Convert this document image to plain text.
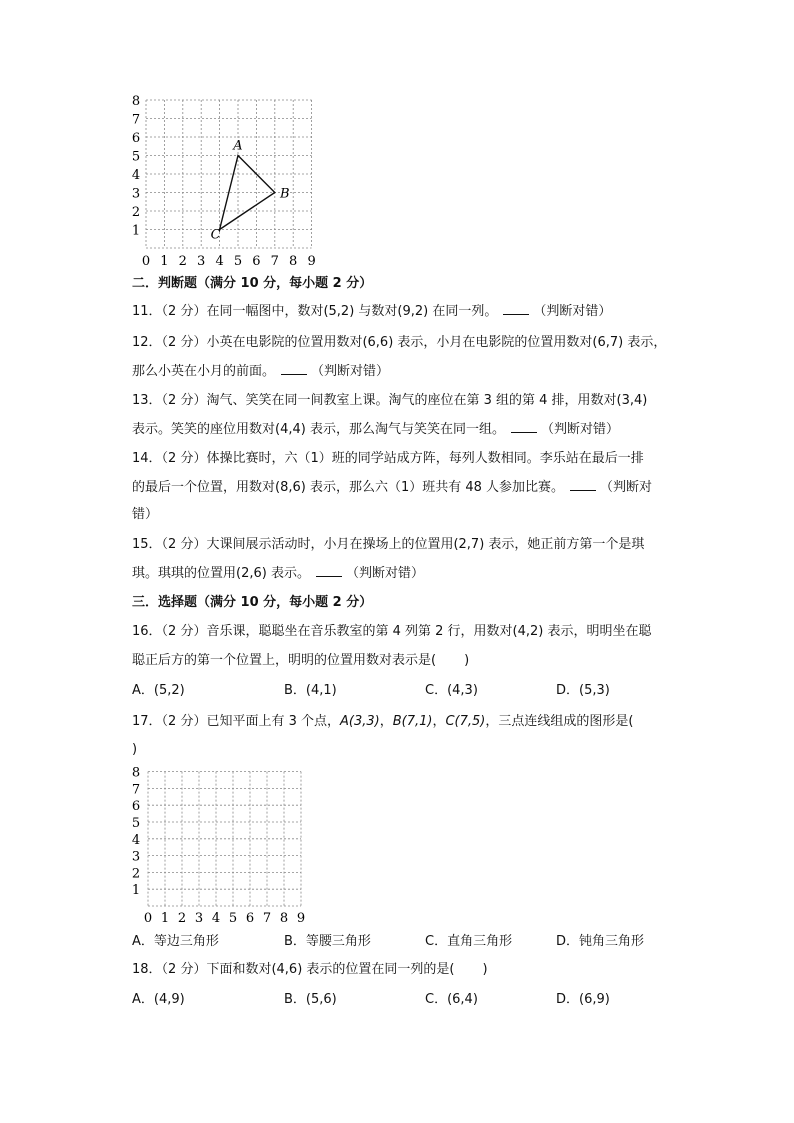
8
7
6
5
4
3
2
1
0 1 2 3 4 5 6 7 8 9
A
B
C
二．判断题（满分 10 分，每小题 2 分）
11．（2 分）在同一幅图中，数对(5,2) 与数对(9,2) 在同一列。	（判断对错）
12．（2 分）小英在电影院的位置用数对(6,6) 表示，小月在电影院的位置用数对(6,7) 表示，
那么小英在小月的前面。	（判断对错）
13．（2 分）淘气、笑笑在同一间教室上课。淘气的座位在第 3 组的第 4 排，用数对(3,4)
表示。笑笑的座位用数对(4,4) 表示，那么淘气与笑笑在同一组。	（判断对错）
14．（2 分）体操比赛时，六（1）班的同学站成方阵，每列人数相同。李乐站在最后一排
的最后一个位置，用数对(8,6) 表示，那么六（1）班共有 48 人参加比赛。	（判断对
错）
15．（2 分）大课间展示活动时，小月在操场上的位置用(2,7) 表示，她正前方第一个是琪
琪。琪琪的位置用(2,6) 表示。	（判断对错）
三．选择题（满分 10 分，每小题 2 分）
16．（2 分）音乐课，聪聪坐在音乐教室的第 4 列第 2 行，用数对(4,2) 表示，明明坐在聪
聪正后方的第一个位置上，明明的位置用数对表示是( )
A．(5,2)	B．(4,1)	C．(4,3)	D．(5,3)
17．（2 分）已知平面上有 3 个点，A(3,3)，B(7,1)，C(7,5)，三点连线组成的图形是(
)
8
7
6
5
4
3
2
1
0 1 2 3 4 5 6 7 8 9
A．等边三角形	B．等腰三角形	C．直角三角形	D．钝角三角形
18．（2 分）下面和数对(4,6) 表示的位置在同一列的是( )
A．(4,9)	B．(5,6)	C．(6,4)	D．(6,9)
